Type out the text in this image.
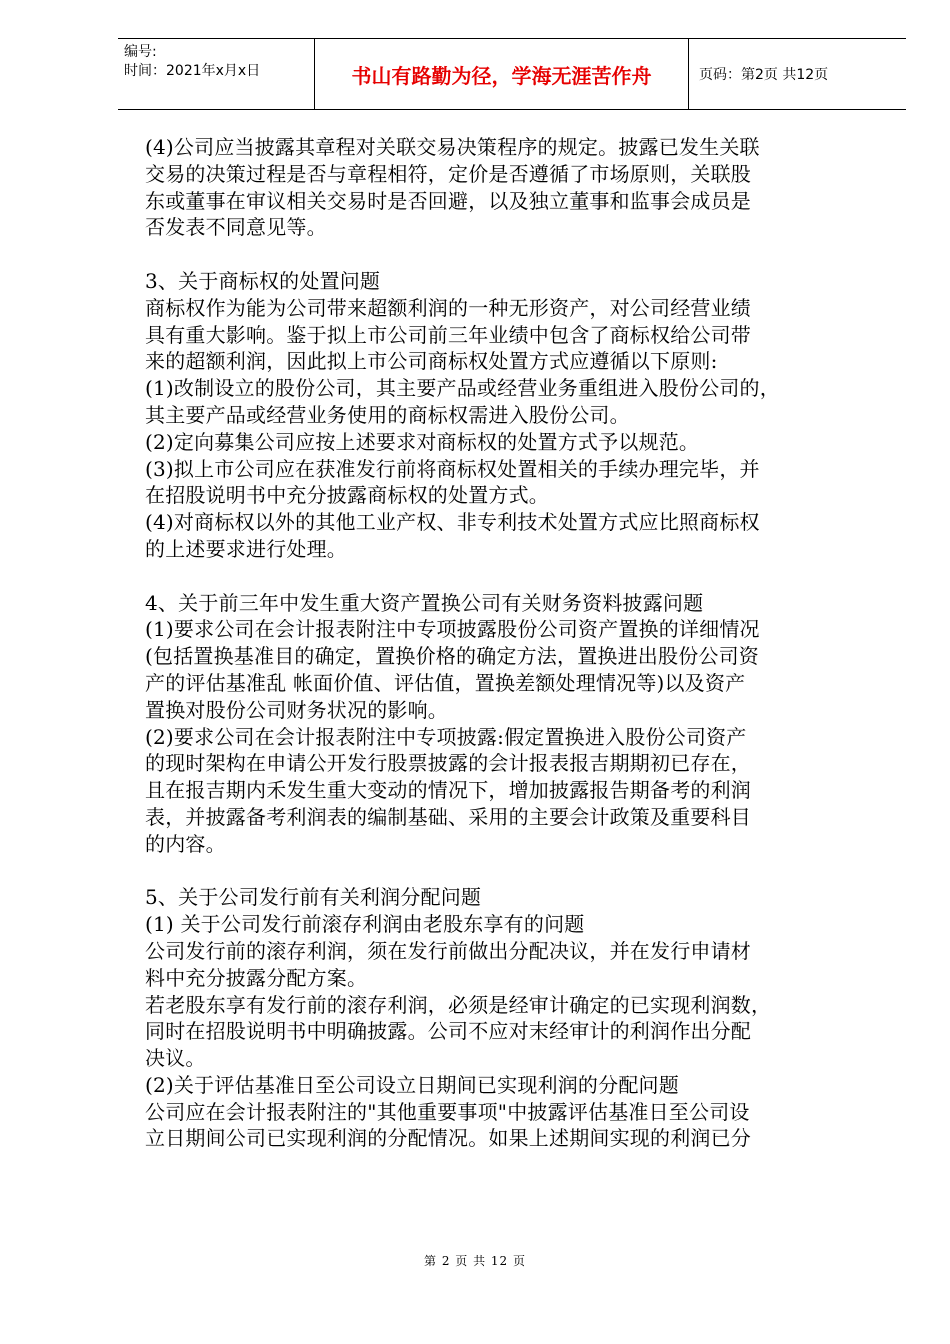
编号:
时间：2021年x月x日	书山有路勤为径，学海无涯苦作舟	页码：第2页 共12页

(4)公司应当披露其章程对关联交易决策程序的规定。披露已发生关联

交易的决策过程是否与章程相符，定价是否遵循了市场原则，关联股

东或董事在审议相关交易时是否回避，以及独立董事和监事会成员是

否发表不同意见等。

3、关于商标权的处置问题

商标权作为能为公司带来超额利润的一种无形资产，对公司经营业绩

具有重大影响。鉴于拟上市公司前三年业绩中包含了商标权给公司带

来的超额利润，因此拟上市公司商标权处置方式应遵循以下原则:

(1)改制设立的股份公司，其主要产品或经营业务重组进入股份公司的，

其主要产品或经营业务使用的商标权需进入股份公司。

(2)定向募集公司应按上述要求对商标权的处置方式予以规范。

(3)拟上市公司应在获准发行前将商标权处置相关的手续办理完毕，并

在招股说明书中充分披露商标权的处置方式。

(4)对商标权以外的其他工业产权、非专利技术处置方式应比照商标权

的上述要求进行处理。

4、关于前三年中发生重大资产置换公司有关财务资料披露问题

(1)要求公司在会计报表附注中专项披露股份公司资产置换的详细情况

(包括置换基准目的确定，置换价格的确定方法，置换进出股份公司资

产的评估基准乱 帐面价值、评估值，置换差额处理情况等)以及资产

置换对股份公司财务状况的影响。

(2)要求公司在会计报表附注中专项披露:假定置换进入股份公司资产

的现时架构在申请公开发行股票披露的会计报表报吉期期初已存在，

且在报吉期内禾发生重大变动的情况下，增加披露报告期备考的利润

表，并披露备考利润表的编制基础、采用的主要会计政策及重要科目

的内容。

5、关于公司发行前有关利润分配问题

(1) 关于公司发行前滚存利润由老股东享有的问题

公司发行前的滚存利润，须在发行前做出分配决议，并在发行申请材

料中充分披露分配方案。

若老股东享有发行前的滚存利润，必须是经审计确定的已实现利润数，

同时在招股说明书中明确披露。公司不应对末经审计的利润作出分配

决议。

(2)关于评估基准日至公司设立日期间已实现利润的分配问题

公司应在会计报表附注的"其他重要事项"中披露评估基准日至公司设

立日期间公司已实现利润的分配情况。如果上述期间实现的利润已分

第 2 页 共 12 页
